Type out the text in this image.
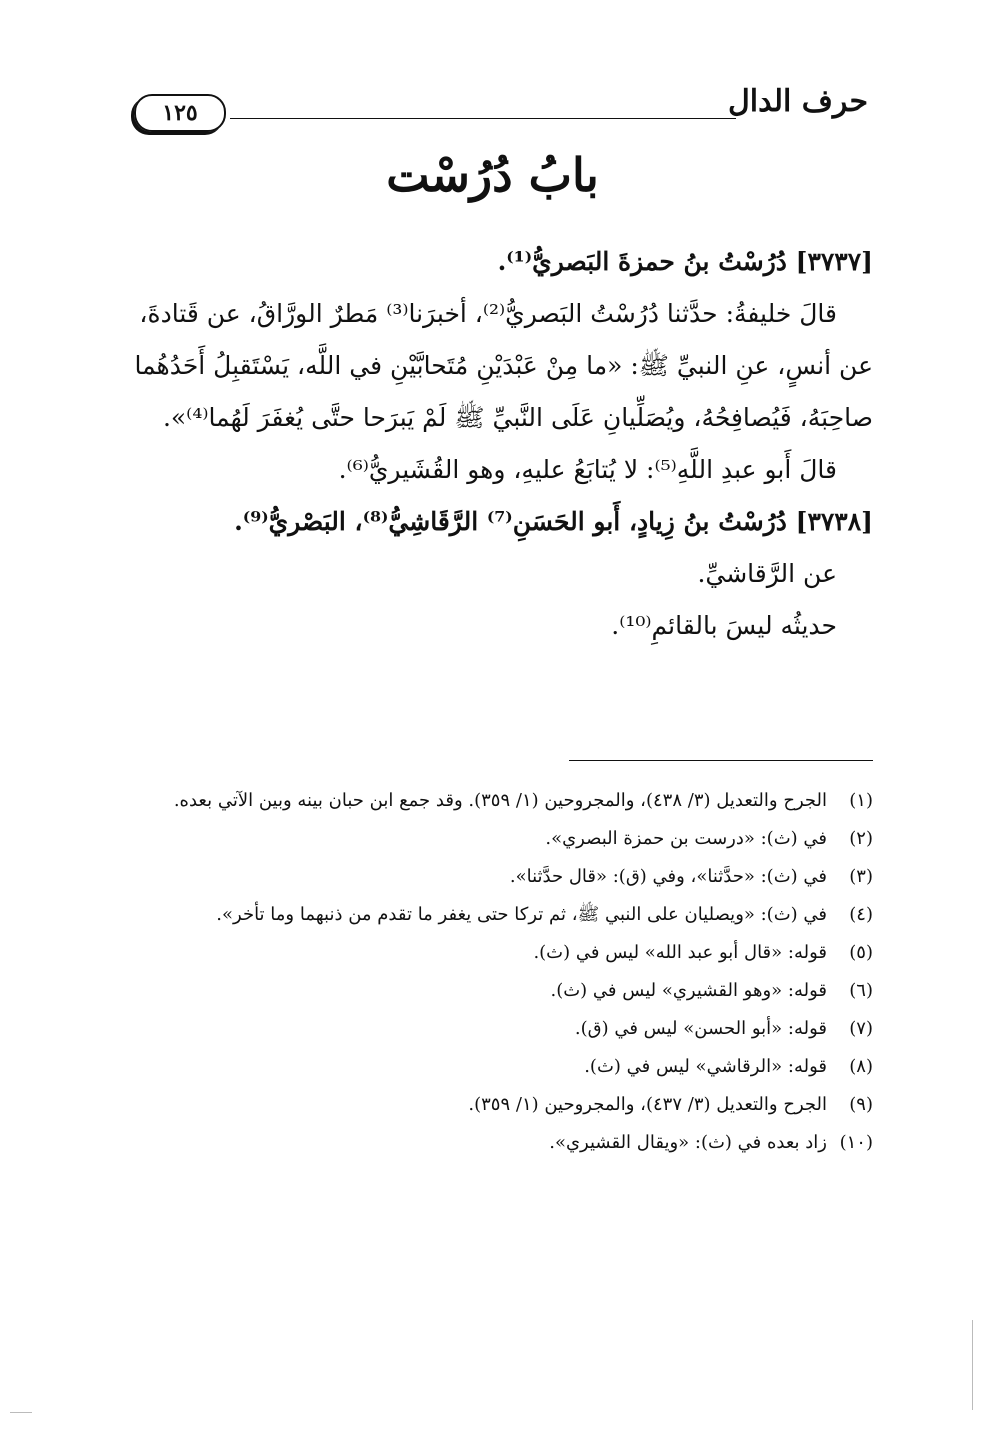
حرف الدال
١٢٥
بابُ دُرُسْت

[٣٧٣٧] دُرُسْتُ بنُ حمزةَ البَصريُّ⁽¹⁾.

قالَ خليفةُ: حدَّثنا دُرُسْتُ البَصريُّ⁽²⁾، أخبرَنا⁽³⁾ مَطرٌ الورَّاقُ، عن قَتادةَ،

عن أنسٍ، عنِ النبيِّ ﷺ: «ما مِنْ عَبْدَيْنِ مُتَحابَّيْنِ في اللَّه، يَسْتَقبِلُ أَحَدُهُما

صاحِبَهُ، فَيُصافِحُهُ، ويُصَلِّيانِ عَلَى النَّبيِّ ﷺ لَمْ يَبرَحا حتَّى يُغفَرَ لَهُما⁽⁴⁾».

قالَ أَبو عبدِ اللَّهِ⁽⁵⁾: لا يُتابَعُ عليهِ، وهو القُشَيريُّ⁽⁶⁾.

[٣٧٣٨] دُرُسْتُ بنُ زِيادٍ، أَبو الحَسَنِ⁽⁷⁾ الرَّقَاشِيُّ⁽⁸⁾، البَصْريُّ⁽⁹⁾.

عن الرَّقاشيِّ.

حديثُه ليسَ بالقائمِ⁽¹⁰⁾.

(١)
الجرح والتعديل (٣/ ٤٣٨)، والمجروحين (١/ ٣٥٩). وقد جمع ابن حبان بينه وبين الآتي بعده.
(٢)
في (ث): «درست بن حمزة البصري».
(٣)
في (ث): «حدَّثنا»، وفي (ق): «قال حدَّثنا».
(٤)
في (ث): «ويصليان على النبي ﷺ، ثم تركا حتى يغفر ما تقدم من ذنبهما وما تأخر».
(٥)
قوله: «قال أبو عبد الله» ليس في (ث).
(٦)
قوله: «وهو القشيري» ليس في (ث).
(٧)
قوله: «أبو الحسن» ليس في (ق).
(٨)
قوله: «الرقاشي» ليس في (ث).
(٩)
الجرح والتعديل (٣/ ٤٣٧)، والمجروحين (١/ ٣٥٩).
(١٠)
زاد بعده في (ث): «ويقال القشيري».
